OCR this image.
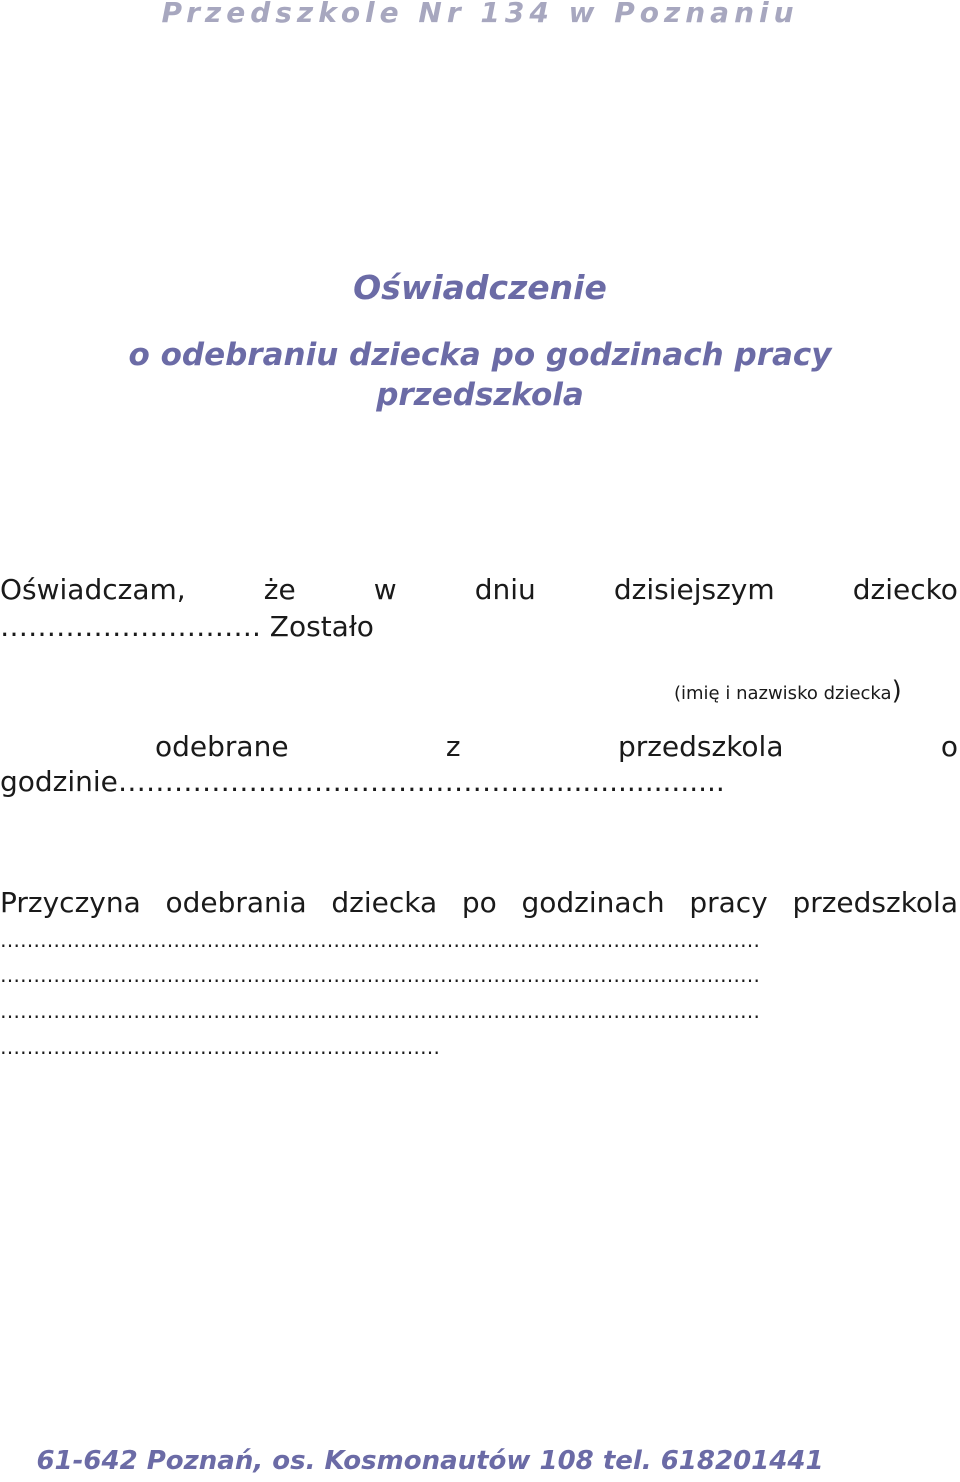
Przedszkole Nr 134 w Poznaniu
Oświadczenie
o odebraniu dziecka po godzinach pracy
przedszkola
Oświadczam,	że	w	dniu	dzisiejszym	dziecko
………………………. Zostało
(imię i nazwisko dziecka)
odebrane	z	przedszkola	o
godzinie……………………………………….....................
Przyczyna odebrania dziecka po godzinach pracy przedszkola
……………………………………………………………………………………………………
……………………………………………………………………………………………………
……………………………………………………………………………………………………
…………………………………………………………
61-642 Poznań, os. Kosmonautów 108 tel. 618201441
